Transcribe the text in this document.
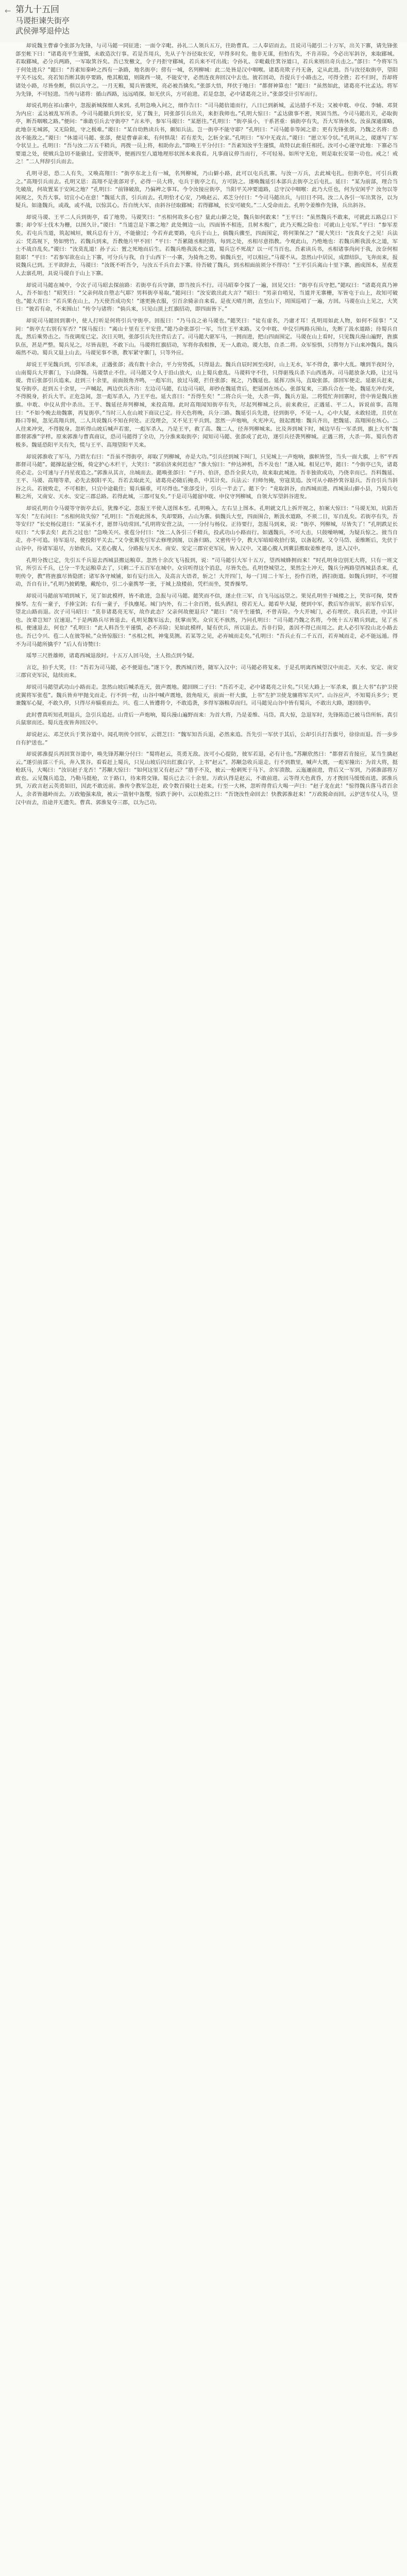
← 第九十五回
马谡拒谏失街亭
武侯弹琴退仲达

却说魏主曹睿令张郃为先锋，与司马懿一同征进；一面令辛毗、孙礼二人领兵五万，往助曹真。二人奉诏而去。且说司马懿引二十万军，出关下寨，请先锋张郃至帐下曰：“诸葛亮平生谨慎，未敢造次行事。若是吾用兵，先从子午谷径取长安，早得多时矣。他非无谋，但怕有失，不肯弄险。今必出军斜谷，来取郿城。若取郿城，必分兵两路，一军取箕谷矣。吾已发檄文，令子丹拒守郿城，若兵来不可出战；令孙礼、辛毗截住箕谷道口，若兵来则出奇兵击之。”郃曰：“今将军当于何处进兵？”懿曰：“吾素知秦岭之西有一条路，地名街亭；傍有一城，名列柳城：此二处皆是汉中咽喉。诸葛亮欺子丹无备，定从此进。吾与汝径取街亭，望阳平关不远矣。亮若知吾断其街亭要路，绝其粮道，则陇西一境，不能安守，必然连夜奔回汉中去也。彼若回动，吾提兵于小路击之，可得全胜；若不归时，吾却将诸处小路，尽皆垒断，俱以兵守之。一月无粮，蜀兵皆饿死，亮必被吾擒矣。”张郃大悟，拜伏于地曰：“都督神算也！”懿曰：“虽然如此，诸葛亮不比孟达。将军为先锋，不可轻进。当传与诸将：循山西路，远远哨探。如无伏兵，方可前进。若是怠忽，必中诸葛亮之计。”张郃受计引军而行。

却说孔明在祁山寨中，忽报新城探细人来到。孔明急唤入问之，细作告曰：“司马懿倍道而行，八日已到新城，孟达措手不及；又被申耽、申仪、李辅、邓贤为内应：孟达被乱军所杀。今司马懿撤兵到长安，见了魏主，同张郃引兵出关，来拒我师也。”孔明大惊曰：“孟达做事不密，死固当然。今司马懿出关，必取街亭，断吾咽喉之路。”便问：“谁敢引兵去守街亭？”言未毕，参军马谡曰：“某愿往。”孔明曰：“街亭虽小，干系甚重：倘街亭有失，吾大军皆休矣。汝虽深通谋略，此地奈无城郭，又无险阻，守之极难。”谡曰：“某自幼熟读兵书，颇知兵法。岂一街亭不能守耶？”孔明曰：“司马懿非等闲之辈；更有先锋张郃，乃魏之名将：恐汝不能敌之。”谡曰：“休道司马懿、张郃，便是曹睿亲来，有何惧哉！若有差失，乞斩全家。”孔明曰：“军中无戏言。”谡曰：“愿立军令状。”孔明从之，谡遂写了军令状呈上。孔明曰：“吾与汝二万五千精兵，再拨一员上将，相助你去。”即唤王平分付曰：“吾素知汝平生谨慎，故特以此重任相托。汝可小心谨守此地：下寨必当要道之处，使贼兵急切不能偷过。安营既毕，便画四至八道地理形状图本来我看。凡事商议停当而行，不可轻易。如所守无危，则是取长安第一功也。戒之！戒之！”二人拜辞引兵而去。

孔明寻思，恐二人有失，又唤高翔曰：“街亭东北上有一城，名列柳城，乃山僻小路，此可以屯兵扎寨。与汝一万兵，去此城屯扎。但街亭危，可引兵救之。”高翔引兵而去。孔明又思：高翔不是张郃对手，必得一员大将，屯兵于街亭之右，方可防之。遂唤魏延引本部兵去街亭之后屯扎。延曰：“某为前部，理合当先破敌，何故置某于安闲之地？”孔明曰：“前锋破敌，乃偏裨之事耳。今令汝接应街亭，当阳平关冲要道路，总守汉中咽喉：此乃大任也，何为安闲乎？汝勿以等闲视之，失吾大事。切宜小心在意！”魏延大喜，引兵而去。孔明恰才心安，乃唤赵云、邓芝分付曰：“今司马懿出兵，与旧日不同。汝二人各引一军出箕谷，以为疑兵。如逢魏兵，或战，或不战，以惊其心。吾自统大军，由斜谷径取郿城；若得郿城，长安可破矣。”二人受命而去。孔明令姜维作先锋，兵出斜谷。

却说马谡、王平二人兵到街亭，看了地势。马谡笑曰：“丞相何故多心也？量此山僻之处，魏兵如何敢来！”王平曰：“虽然魏兵不敢来，可就此五路总口下寨；却令军士伐木为栅，以图久计。”谡曰：“当道岂是下寨之地？此处侧边一山，四面皆不相连，且树木极广，此乃天赐之险也：可就山上屯军。”平曰：“参军差矣。若屯兵当道，筑起城垣，贼兵总有十万，不能偷过；今若弃此要路，屯兵于山上，倘魏兵骤至，四面围定，将何策保之？”谡大笑曰：“汝真女子之见！兵法云：凭高视下，势如劈竹。若魏兵到来，吾教他片甲不回！”平曰：“吾累随丞相经阵，每到之处，丞相尽意指教。今观此山，乃绝地也：若魏兵断我汲水之道，军士不战自乱矣。”谡曰：“汝莫乱道！孙子云：置之死地而后生。若魏兵绝我汲水之道，蜀兵岂不死战？以一可当百也。吾素读兵书，丞相诸事尚问于我，汝奈何相阻耶！”平曰：“若参军欲在山上下寨，可分兵与我，自于山西下一小寨，为掎角之势。倘魏兵至，可以相应。”马谡不从。忽然山中居民，成群结队，飞奔而来，报说魏兵已到。王平欲辞去，马谡曰：“汝既不听吾令，与汝五千兵自去下寨。待吾破了魏兵，到丞相面前须分不得功！”王平引兵离山十里下寨，画成图本，星夜差人去禀孔明，具说马谡自于山上下寨。

却说司马懿在城中，令次子司马昭去探前路：若街亭有兵守御，即当按兵不行。司马昭奉令探了一遍，回见父曰：“街亭有兵守把。”懿叹曰：“诸葛亮真乃神人，吾不如也！”昭笑曰：“父亲何故自堕志气耶？男料街亭易取。”懿问曰：“汝安敢出此大言？”昭曰：“男亲自哨见，当道并无寨栅，军皆屯于山上，故知可破也。”懿大喜曰：“若兵果在山上，乃天使吾成功矣！”遂更换衣服，引百余骑亲自来看。是夜天晴月朗，直至山下，周围巡哨了一遍，方回。马谡在山上见之，大笑曰：“彼若有命，不来围山！”传令与诸将：“倘兵来，只见山顶上红旗招动，即四面皆下。”

却说司马懿回到寨中，使人打听是何将引兵守街亭。回报曰：“乃马良之弟马谡也。”懿笑曰：“徒有虚名，乃庸才耳！孔明用如此人物，如何不误事！”又问：“街亭左右别有军否？”探马报曰：“离山十里有王平安营。”懿乃命张郃引一军，当住王平来路。又令申耽、申仪引两路兵围山，先断了汲水道路；待蜀兵自乱，然后乘势击之。当夜调度已定。次日天明，张郃引兵先往背后去了。司马懿大驱军马，一拥而进，把山四面围定。马谡在山上看时，只见魏兵漫山遍野，旌旗队伍，甚是严整。蜀兵见之，尽皆丧胆，不敢下山。马谡将红旗招动，军将你我相推，无一人敢动。谡大怒，自杀二将。众军惊惧，只得努力下山来冲魏兵。魏兵端然不动。蜀兵又退上山去。马谡见事不谐，教军紧守寨门，只等外应。

却说王平见魏兵到，引军杀来，正遇张郃；战有数十余合，平力穷势孤，只得退去。魏兵自辰时困至戌时，山上无水，军不得食，寨中大乱。嚷到半夜时分，山南蜀兵大开寨门，下山降魏。马谡禁止不住。司马懿又令人于沿山放火，山上蜀兵愈乱。马谡料守不住，只得驱残兵杀下山西逃奔。司马懿放条大路，让过马谡。背后张郃引兵追来。赶到三十余里，前面鼓角齐鸣，一彪军出，放过马谡，拦住张郃；视之，乃魏延也。延挥刀纵马，直取张郃。郃回军便走。延驱兵赶来，复夺街亭。赶到五十余里，一声喊起，两边伏兵齐出：左边司马懿，右边司马昭，却抄在魏延背后，把延困在垓心。张郃复来，三路兵合在一处。魏延左冲右突，不得脱身，折兵大半。正危急间，忽一彪军杀入，乃王平也。延大喜曰：“吾得生矣！”二将合兵一处，大杀一阵，魏兵方退。二将慌忙奔回寨时，营中皆是魏兵旌旗。申耽、申仪从营中杀出。王平、魏延径奔列柳城，来投高翔。此时高翔闻知街亭有失，尽起列柳城之兵，前来救应，正遇延、平二人，诉说前事。高翔曰：“不如今晚去劫魏寨，再复街亭。”当时三人在山坡下商议已定。待天色将晚，兵分三路。魏延引兵先进，径到街亭，不见一人，心中大疑，未敢轻进，且伏在路口等候，忽见高翔兵到，二人共说魏兵不知在何处。正没理会，又不见王平兵到。忽然一声炮响，火光冲天，鼓起震地：魏兵齐出，把魏延、高翔围在垓心。二人往来冲突，不得脱身。忽听得山坡后喊声若雷，一彪军杀入，乃是王平，救了高、魏二人，径奔列柳城来。比及奔到城下时，城边早有一军杀到，旗上大书“魏都督郭淮”字样。原来郭淮与曹真商议，恐司马懿得了全功，乃分淮来取街亭；闻知司马懿、张郃成了此功，遂引兵径袭列柳城。正遇三将，大杀一阵。蜀兵伤者极多。魏延恐阳平关有失，慌与王平、高翔望阳平关来。

却说郭淮收了军马，乃谓左右曰：“吾虽不得街亭，却取了列柳城，亦是大功。”引兵径到城下叫门，只见城上一声炮响，旗帜皆竖，当头一面大旗，上书“平西都督司马懿”。懿撑起悬空板，倚定护心木栏干，大笑曰：“郭伯济来何迟也？”淮大惊曰：“仲达神机，吾不及也！”遂入城。相见已毕，懿曰：“今街亭已失，诸葛亮必走。公可速与子丹星夜追之。”郭淮从其言，出城而去。懿唤张郃曰：“子丹、伯济，恐吾全获大功，故来取此城池。吾非独欲成功，乃侥幸而已。吾料魏延、王平、马谡、高翔等辈，必先去据阳平关。吾若去取此关，诸葛亮必随后掩杀，中其计矣。兵法云：归师勿掩，穷寇莫追。汝可从小路抄箕谷退兵。吾自引兵当斜谷之兵。若彼败走，不可相拒，只宜中途截住；蜀兵辎重，可尽得也。”张郃受计，引兵一半去了。懿下令：“竟取斜谷，由西城而进。西城虽山僻小县，乃蜀兵屯粮之所，又南安、天水、安定三郡总路。若得此城，三郡可复矣。”于是司马懿留申耽、申仪守列柳城，自领大军望斜谷进发。

却说孔明自令马谡等守街亭去后，犹豫不定。忽报王平使人送图本至。孔明唤入，左右呈上图本。孔明就文几上拆开视之，拍案大惊曰：“马谡无知，坑陷吾军矣！”左右问曰：“丞相何故失惊？”孔明曰：“吾观此图本，失却要路，占山为寨。倘魏兵大至，四面围合，断汲水道路，不须二日，军自乱矣。若街亭有失，吾等安归？”长史杨仪进曰：“某虽不才，愿替马幼常回。”孔明将安营之法，一一分付与杨仪。正待要行，忽报马到来，说：“街亭、列柳城，尽皆失了！”孔明跌足长叹曰：“大事去矣！此吾之过也！”急唤关兴、张苞分付曰：“汝二人各引三千精兵，投武功山小路而行。如遇魏兵，不可大击，只鼓噪呐喊，为疑兵惊之。彼当自走，亦不可追。待军退尽，便投阳平关去。”又令张翼先引军去修理剑阁，以备归路。又密传号令，教大军暗暗收拾行装，以备起程。又令马岱、姜维断后，先伏于山谷中，待诸军退尽，方始收兵。又差心腹人，分路报与天水、南安、安定三郡官吏军民，皆入汉中。又遣心腹人到冀县搬取姜维老母，送入汉中。

孔明分拨已定，先引五千兵退去西城县搬运粮草。忽然十余次飞马报到，说：“司马懿引大军十五万，望西城蜂拥而来！”时孔明身边别无大将，只有一班文官，所引五千兵，已分一半先运粮草去了，只剩二千五百军在城中。众官听得这个消息，尽皆失色。孔明登城望之，果然尘土冲天，魏兵分两路望西城县杀来。孔明传令，教“将旌旗尽皆隐匿；诸军各守城铺，如有妄行出入，及高言大语者，斩之！大开四门，每一门用二十军士，扮作百姓，洒扫街道。如魏兵到时，不可擅动，吾自有计。”孔明乃披鹤氅，戴纶巾，引二小童携琴一张，于城上敌楼前，凭栏而坐，焚香操琴。

却说司马懿前军哨到城下，见了如此模样，皆不敢进，急报与司马懿。懿笑而不信，遂止住三军，自飞马远远望之。果见孔明坐于城楼之上，笑容可掬，焚香操琴。左有一童子，手捧宝剑；右有一童子，手执麈尾。城门内外，有二十余百姓，低头洒扫，傍若无人。懿看毕大疑，便到中军，教后军作前军，前军作后军，望北山路而退。次子司马昭曰：“莫非诸葛亮无军，故作此态？父亲何故便退兵？”懿曰：“亮平生谨慎，不曾弄险。今大开城门，必有埋伏。我兵若进，中其计也。汝辈岂知？宜速退。”于是两路兵尽皆退去。孔明见魏军远去，抚掌而笑。众官无不骇然，乃问孔明曰：“司马懿乃魏之名将，今统十五万精兵到此，见了丞相，便速退去，何也？”孔明曰：“此人料吾生平谨慎，必不弄险；见如此模样，疑有伏兵，所以退去。吾非行险，盖因不得已而用之。此人必引军投山北小路去也。吾已令兴、苞二人在彼等候。”众皆惊服曰：“丞相之机，神鬼莫测。若某等之见，必弃城而走矣。”孔明曰：“吾兵止有二千五百，若弃城而走，必不能远遁。得不为司马懿所擒乎？”后人有诗赞曰：

瑶琴三尺胜雄师，诸葛西城退敌时。十五万人回马处，土人指点到今疑。

言讫，拍手大笑，曰：“吾若为司马懿，必不便退也。”遂下令，教西城百姓，随军入汉中；司马懿必将复来。于是孔明离西城望汉中而走。天水、安定、南安三郡官吏军民，陆续而来。

却说司马懿望武功山小路而走。忽然山坡后喊杀连天，鼓声震地。懿回顾二子曰：“吾若不走，必中诸葛亮之计矣。”只见大路上一军杀来，旗上大书“右护卫使虎翼将军张苞”。魏兵皆弃甲抛戈而走。行不到一程，山谷中喊声震地，鼓角喧天，前面一杆大旗，上书“左护卫使龙骧将军关兴”。山谷应声，不知蜀兵多少；更兼魏军心疑，不敢久停，只得尽弃辎重而去。兴、苞二人皆遵将令，不敢追袭，多得军器粮草而归。司马懿见山谷中皆有蜀兵，不敢出大路，遂回街亭。

此时曹真听知孔明退兵，急引兵追赶。山背后一声炮响，蜀兵漫山遍野而来：为首大将，乃是姜维、马岱。真大惊，急退军时，先锋陈造已被马岱所斩。真引兵鼠窜而还。蜀兵连夜皆奔回汉中。

却说赵云、邓芝伏兵于箕谷道中。闻孔明传令回军，云谓芝曰：“魏军知吾兵退，必然来追。吾先引一军伏于其后，公却引兵打吾旗号，徐徐而退。吾一步步自有护送也。”

却说郭淮提兵再回箕谷道中，唤先锋苏颙分付曰：“蜀将赵云，英勇无敌。汝可小心提防，彼军若退，必有计也。”苏颙欣然曰：“都督若肯接应，某当生擒赵云。”遂引前部三千兵，奔入箕谷。看看赶上蜀兵，只见山坡后闪出红旗白字，上书“赵云”。苏颙急收兵退走。行不到数里，喊声大震，一彪军撞出：为首大将，挺枪跃马，大喝曰：“汝识赵子龙否！”苏颙大惊曰：“如何这里又有赵云？”措手不及，被云一枪刺死于马下。余军溃散。云迤逦前进，背后又一军到，乃郭淮部将万政也。云见魏兵追急，乃勒马挺枪，立于路口，待来将交锋。蜀兵已去三十余里。万政认得是赵云，不敢前进。云等得天色黄昏，方才拨回马缓缓而进。郭淮兵到，万政言赵云英勇如旧，因此不敢近前。淮传令教军急赶，政令数百骑壮士赶来。行至一大林，忽听得背后大喝一声曰：“赵子龙在此！”惊得魏兵落马者百余人，余者皆越岭而去。万政勉强来敌，被云一箭射中盔缨，惊跌于涧中。云以枪指之曰：“吾饶汝性命回去！快教郭淮赶来！”万政脱命而回。云护送车仗人马，望汉中而去，沿途并无遗失。曹真、郭淮复夺三郡，以为己功。
